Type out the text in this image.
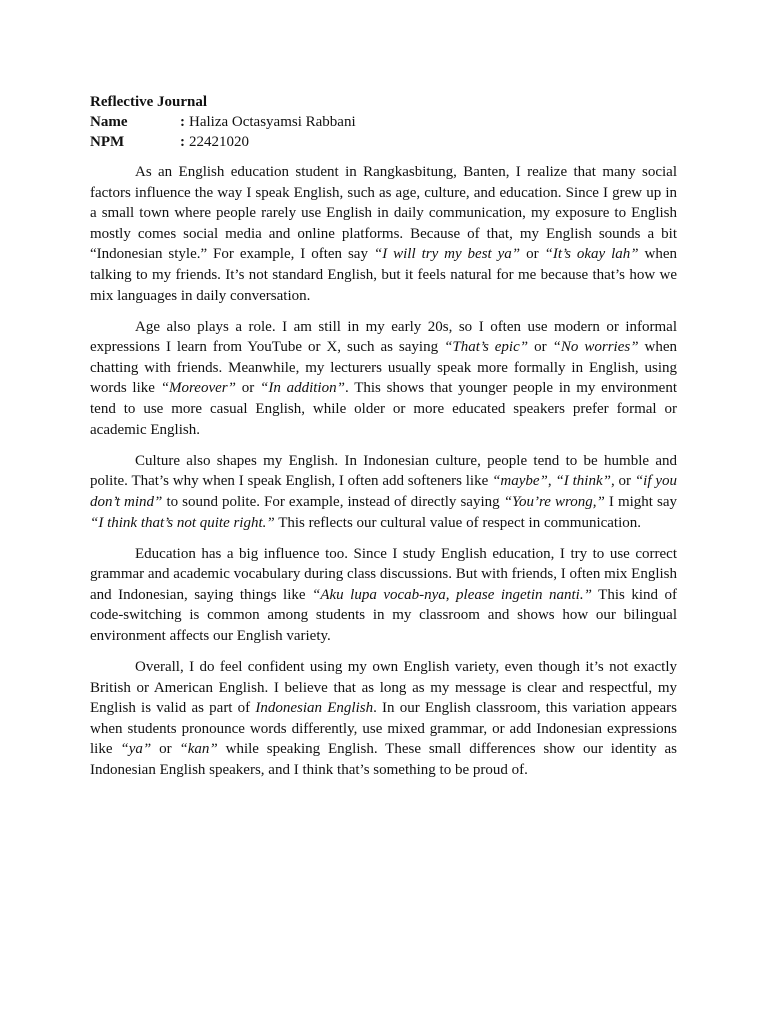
Reflective Journal
Name	: Haliza Octasyamsi Rabbani
NPM	: 22421020

As an English education student in Rangkasbitung, Banten, I realize that many social factors influence the way I speak English, such as age, culture, and education. Since I grew up in a small town where people rarely use English in daily communication, my exposure to English mostly comes social media and online platforms. Because of that, my English sounds a bit “Indonesian style.” For example, I often say “I will try my best ya” or “It’s okay lah” when talking to my friends. It’s not standard English, but it feels natural for me because that’s how we mix languages in daily conversation.

Age also plays a role. I am still in my early 20s, so I often use modern or informal expressions I learn from YouTube or X, such as saying “That’s epic” or “No worries” when chatting with friends. Meanwhile, my lecturers usually speak more formally in English, using words like “Moreover” or “In addition”. This shows that younger people in my environment tend to use more casual English, while older or more educated speakers prefer formal or academic English.

Culture also shapes my English. In Indonesian culture, people tend to be humble and polite. That’s why when I speak English, I often add softeners like “maybe”, “I think”, or “if you don’t mind” to sound polite. For example, instead of directly saying “You’re wrong,” I might say “I think that’s not quite right.” This reflects our cultural value of respect in communication.

Education has a big influence too. Since I study English education, I try to use correct grammar and academic vocabulary during class discussions. But with friends, I often mix English and Indonesian, saying things like “Aku lupa vocab-nya, please ingetin nanti.” This kind of code-switching is common among students in my classroom and shows how our bilingual environment affects our English variety.

Overall, I do feel confident using my own English variety, even though it’s not exactly British or American English. I believe that as long as my message is clear and respectful, my English is valid as part of Indonesian English. In our English classroom, this variation appears when students pronounce words differently, use mixed grammar, or add Indonesian expressions like “ya” or “kan” while speaking English. These small differences show our identity as Indonesian English speakers, and I think that’s something to be proud of.
